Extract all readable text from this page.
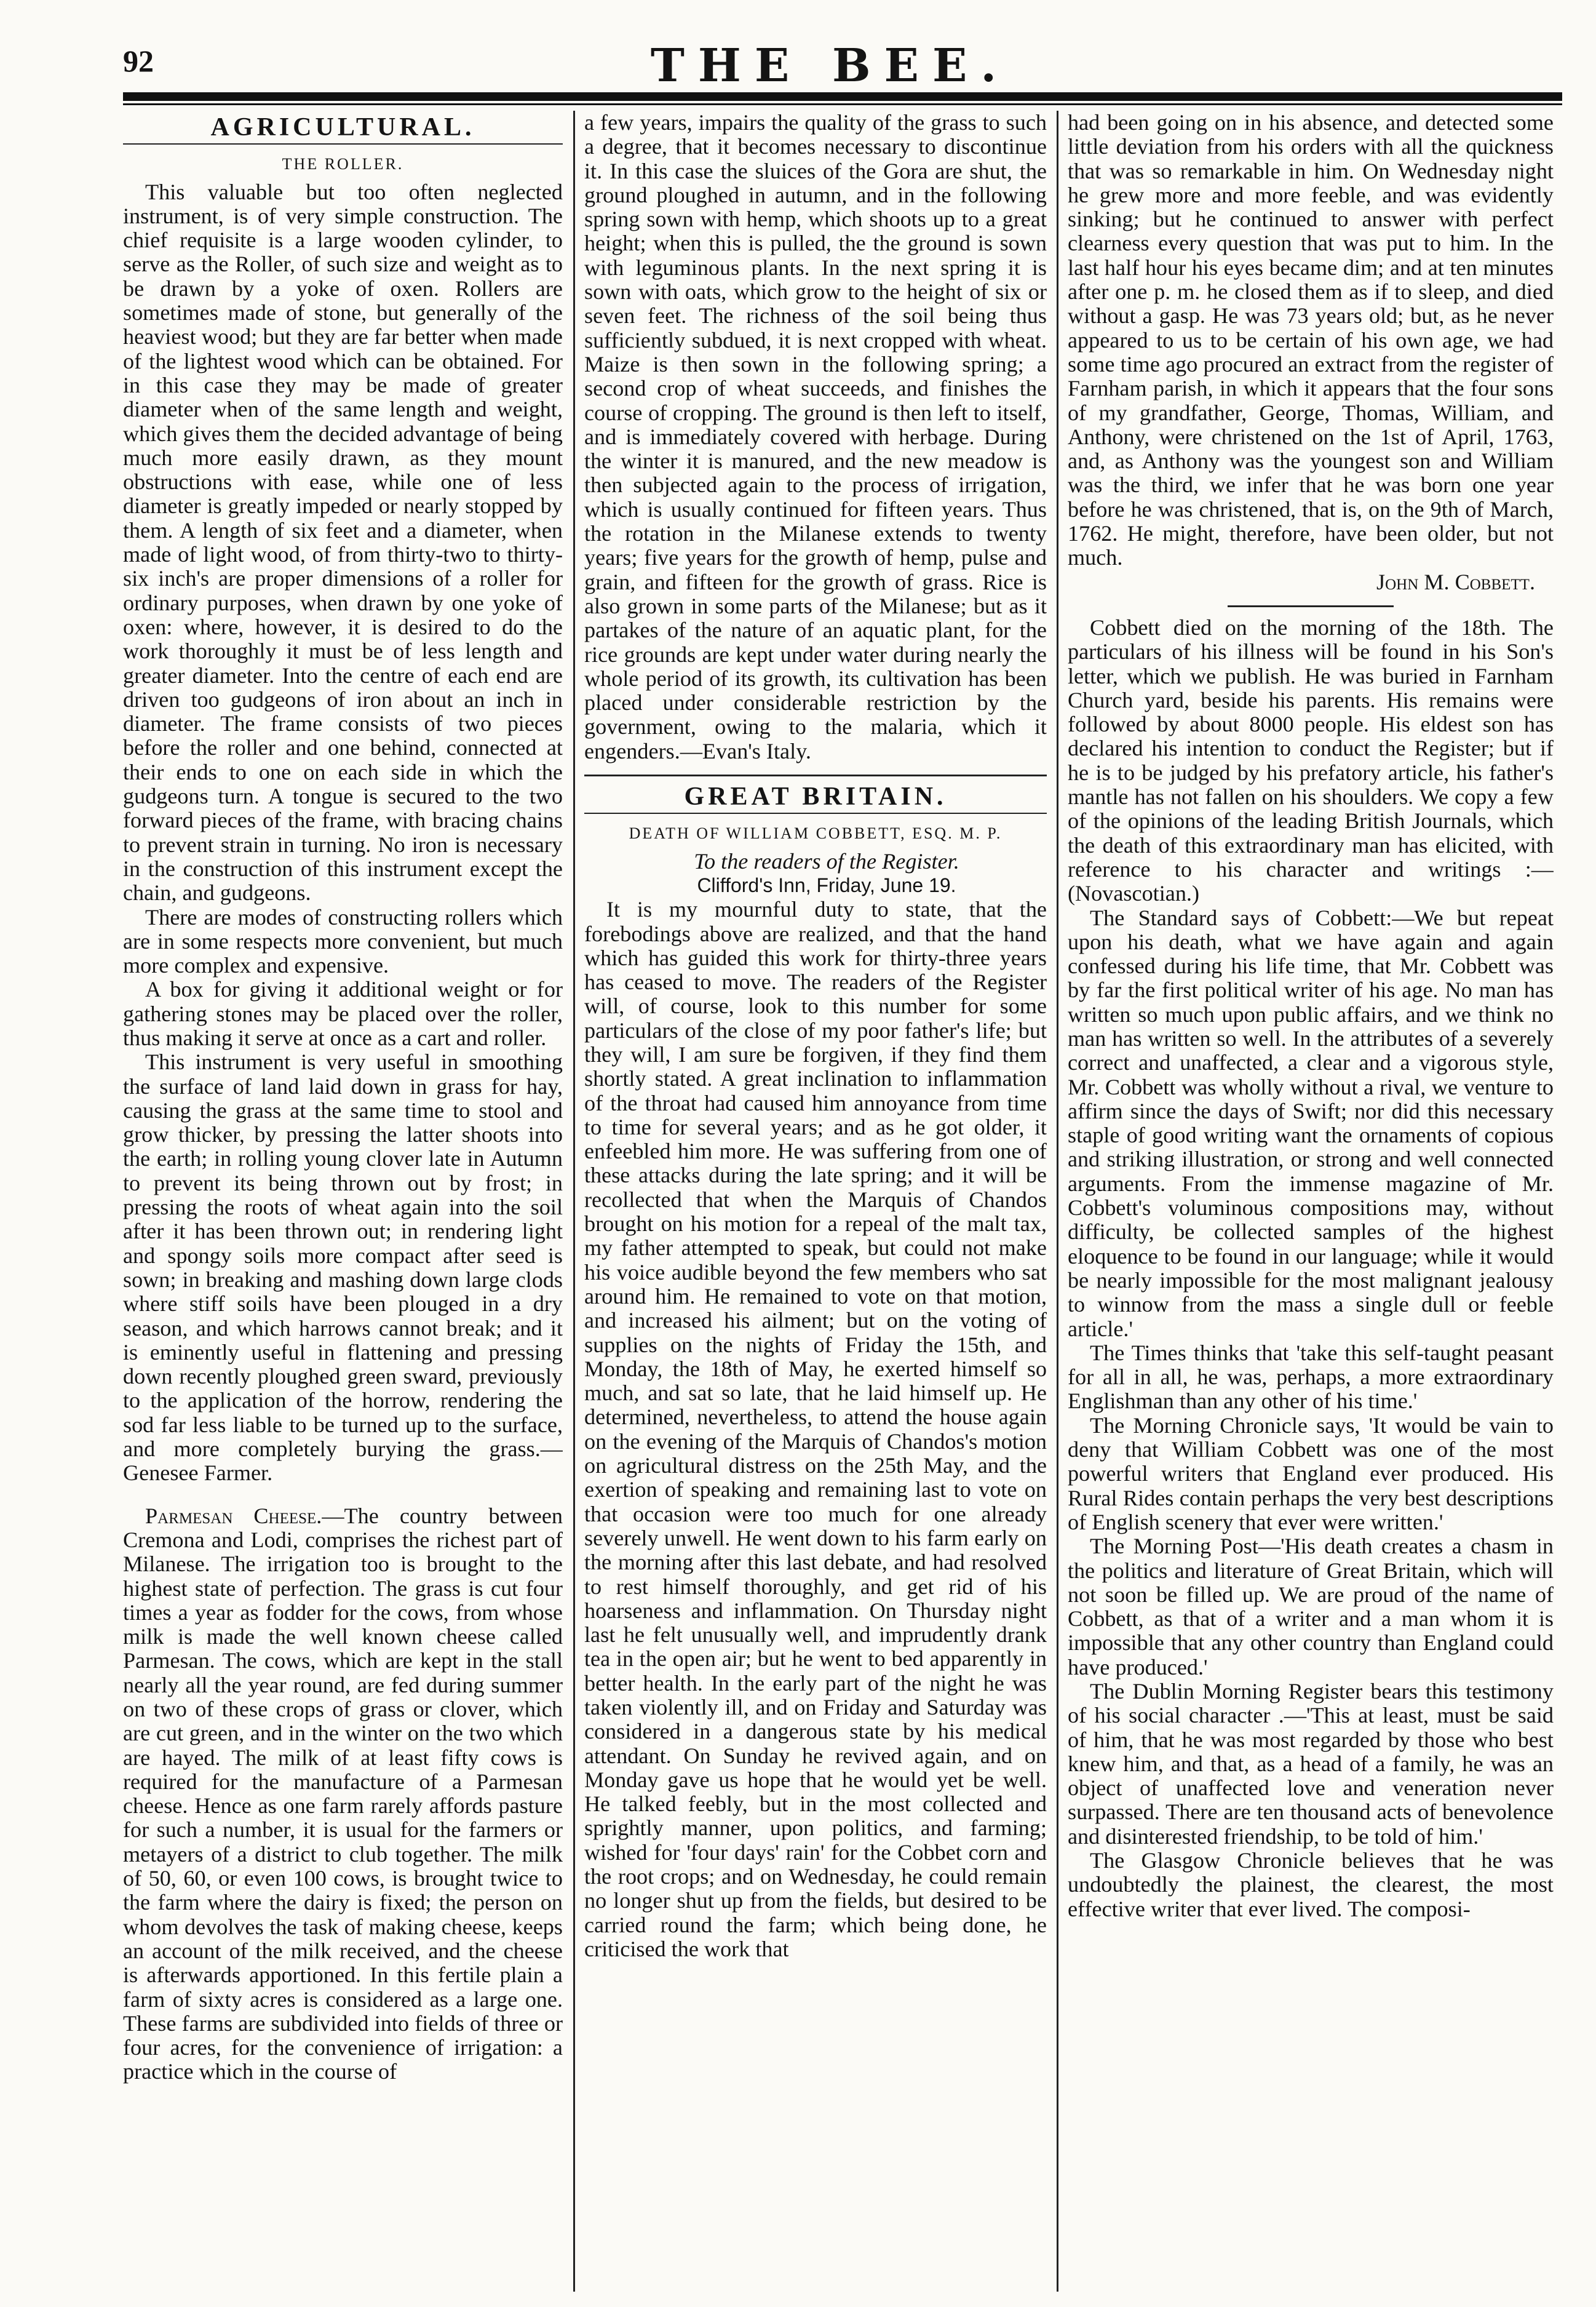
92	THE BEE.
AGRICULTURAL.
THE ROLLER.

This valuable but too often neglected instrument, is of very simple construction. The chief requisite is a large wooden cylinder, to serve as the Roller, of such size and weight as to be drawn by a yoke of oxen. Rollers are sometimes made of stone, but generally of the heaviest wood; but they are far better when made of the lightest wood which can be obtained. For in this case they may be made of greater diameter when of the same length and weight, which gives them the decided advantage of being much more easily drawn, as they mount obstructions with ease, while one of less diameter is greatly impeded or nearly stopped by them. A length of six feet and a diameter, when made of light wood, of from thirty-two to thirty-six inch's are proper dimensions of a roller for ordinary purposes, when drawn by one yoke of oxen: where, however, it is desired to do the work thoroughly it must be of less length and greater diameter. Into the centre of each end are driven too gudgeons of iron about an inch in diameter. The frame consists of two pieces before the roller and one behind, connected at their ends to one on each side in which the gudgeons turn. A tongue is secured to the two forward pieces of the frame, with bracing chains to prevent strain in turning. No iron is necessary in the construction of this instrument except the chain, and gudgeons.

There are modes of constructing rollers which are in some respects more convenient, but much more complex and expensive.

A box for giving it additional weight or for gathering stones may be placed over the roller, thus making it serve at once as a cart and roller.

This instrument is very useful in smoothing the surface of land laid down in grass for hay, causing the grass at the same time to stool and grow thicker, by pressing the latter shoots into the earth; in rolling young clover late in Autumn to prevent its being thrown out by frost; in pressing the roots of wheat again into the soil after it has been thrown out; in rendering light and spongy soils more compact after seed is sown; in breaking and mashing down large clods where stiff soils have been plouged in a dry season, and which harrows cannot break; and it is eminently useful in flattening and pressing down recently ploughed green sward, previously to the application of the horrow, rendering the sod far less liable to be turned up to the surface, and more completely burying the grass.—Genesee Farmer.

Parmesan Cheese.—The country between Cremona and Lodi, comprises the richest part of Milanese. The irrigation too is brought to the highest state of perfection. The grass is cut four times a year as fodder for the cows, from whose milk is made the well known cheese called Parmesan. The cows, which are kept in the stall nearly all the year round, are fed during summer on two of these crops of grass or clover, which are cut green, and in the winter on the two which are hayed. The milk of at least fifty cows is required for the manufacture of a Parmesan cheese. Hence as one farm rarely affords pasture for such a number, it is usual for the farmers or metayers of a district to club together. The milk of 50, 60, or even 100 cows, is brought twice to the farm where the dairy is fixed; the person on whom devolves the task of making cheese, keeps an account of the milk received, and the cheese is afterwards apportioned. In this fertile plain a farm of sixty acres is considered as a large one. These farms are subdivided into fields of three or four acres, for the convenience of irrigation: a practice which in the course of

a few years, impairs the quality of the grass to such a degree, that it becomes necessary to discontinue it. In this case the sluices of the Gora are shut, the ground ploughed in autumn, and in the following spring sown with hemp, which shoots up to a great height; when this is pulled, the the ground is sown with leguminous plants. In the next spring it is sown with oats, which grow to the height of six or seven feet. The richness of the soil being thus sufficiently subdued, it is next cropped with wheat. Maize is then sown in the following spring; a second crop of wheat succeeds, and finishes the course of cropping. The ground is then left to itself, and is immediately covered with herbage. During the winter it is manured, and the new meadow is then subjected again to the process of irrigation, which is usually continued for fifteen years. Thus the rotation in the Milanese extends to twenty years; five years for the growth of hemp, pulse and grain, and fifteen for the growth of grass. Rice is also grown in some parts of the Milanese; but as it partakes of the nature of an aquatic plant, for the rice grounds are kept under water during nearly the whole period of its growth, its cultivation has been placed under considerable restriction by the government, owing to the malaria, which it engenders.—Evan's Italy.

GREAT BRITAIN.
DEATH OF WILLIAM COBBETT, ESQ. M. P.

To the readers of the Register.

Clifford's Inn, Friday, June 19.

It is my mournful duty to state, that the forebodings above are realized, and that the hand which has guided this work for thirty-three years has ceased to move. The readers of the Register will, of course, look to this number for some particulars of the close of my poor father's life; but they will, I am sure be forgiven, if they find them shortly stated. A great inclination to inflammation of the throat had caused him annoyance from time to time for several years; and as he got older, it enfeebled him more. He was suffering from one of these attacks during the late spring; and it will be recollected that when the Marquis of Chandos brought on his motion for a repeal of the malt tax, my father attempted to speak, but could not make his voice audible beyond the few members who sat around him. He remained to vote on that motion, and increased his ailment; but on the voting of supplies on the nights of Friday the 15th, and Monday, the 18th of May, he exerted himself so much, and sat so late, that he laid himself up. He determined, nevertheless, to attend the house again on the evening of the Marquis of Chandos's motion on agricultural distress on the 25th May, and the exertion of speaking and remaining last to vote on that occasion were too much for one already severely unwell. He went down to his farm early on the morning after this last debate, and had resolved to rest himself thoroughly, and get rid of his hoarseness and inflammation. On Thursday night last he felt unusually well, and imprudently drank tea in the open air; but he went to bed apparently in better health. In the early part of the night he was taken violently ill, and on Friday and Saturday was considered in a dangerous state by his medical attendant. On Sunday he revived again, and on Monday gave us hope that he would yet be well. He talked feebly, but in the most collected and sprightly manner, upon politics, and farming; wished for 'four days' rain' for the Cobbet corn and the root crops; and on Wednesday, he could remain no longer shut up from the fields, but desired to be carried round the farm; which being done, he criticised the work that

had been going on in his absence, and detected some little deviation from his orders with all the quickness that was so remarkable in him. On Wednesday night he grew more and more feeble, and was evidently sinking; but he continued to answer with perfect clearness every question that was put to him. In the last half hour his eyes became dim; and at ten minutes after one p. m. he closed them as if to sleep, and died without a gasp. He was 73 years old; but, as he never appeared to us to be certain of his own age, we had some time ago procured an extract from the register of Farnham parish, in which it appears that the four sons of my grandfather, George, Thomas, William, and Anthony, were christened on the 1st of April, 1763, and, as Anthony was the youngest son and William was the third, we infer that he was born one year before he was christened, that is, on the 9th of March, 1762. He might, therefore, have been older, but not much.

John M. Cobbett.

Cobbett died on the morning of the 18th. The particulars of his illness will be found in his Son's letter, which we publish. He was buried in Farnham Church yard, beside his parents. His remains were followed by about 8000 people. His eldest son has declared his intention to conduct the Register; but if he is to be judged by his prefatory article, his father's mantle has not fallen on his shoulders. We copy a few of the opinions of the leading British Journals, which the death of this extraordinary man has elicited, with reference to his character and writings :— (Novascotian.)

The Standard says of Cobbett:—We but repeat upon his death, what we have again and again confessed during his life time, that Mr. Cobbett was by far the first political writer of his age. No man has written so much upon public affairs, and we think no man has written so well. In the attributes of a severely correct and unaffected, a clear and a vigorous style, Mr. Cobbett was wholly without a rival, we venture to affirm since the days of Swift; nor did this necessary staple of good writing want the ornaments of copious and striking illustration, or strong and well connected arguments. From the immense magazine of Mr. Cobbett's voluminous compositions may, without difficulty, be collected samples of the highest eloquence to be found in our language; while it would be nearly impossible for the most malignant jealousy to winnow from the mass a single dull or feeble article.'

The Times thinks that 'take this self-taught peasant for all in all, he was, perhaps, a more extraordinary Englishman than any other of his time.'

The Morning Chronicle says, 'It would be vain to deny that William Cobbett was one of the most powerful writers that England ever produced. His Rural Rides contain perhaps the very best descriptions of English scenery that ever were written.'

The Morning Post—'His death creates a chasm in the politics and literature of Great Britain, which will not soon be filled up. We are proud of the name of Cobbett, as that of a writer and a man whom it is impossible that any other country than England could have produced.'

The Dublin Morning Register bears this testimony of his social character .—'This at least, must be said of him, that he was most regarded by those who best knew him, and that, as a head of a family, he was an object of unaffected love and veneration never surpassed. There are ten thousand acts of benevolence and disinterested friendship, to be told of him.'

The Glasgow Chronicle believes that he was undoubtedly the plainest, the clearest, the most effective writer that ever lived. The composi-
